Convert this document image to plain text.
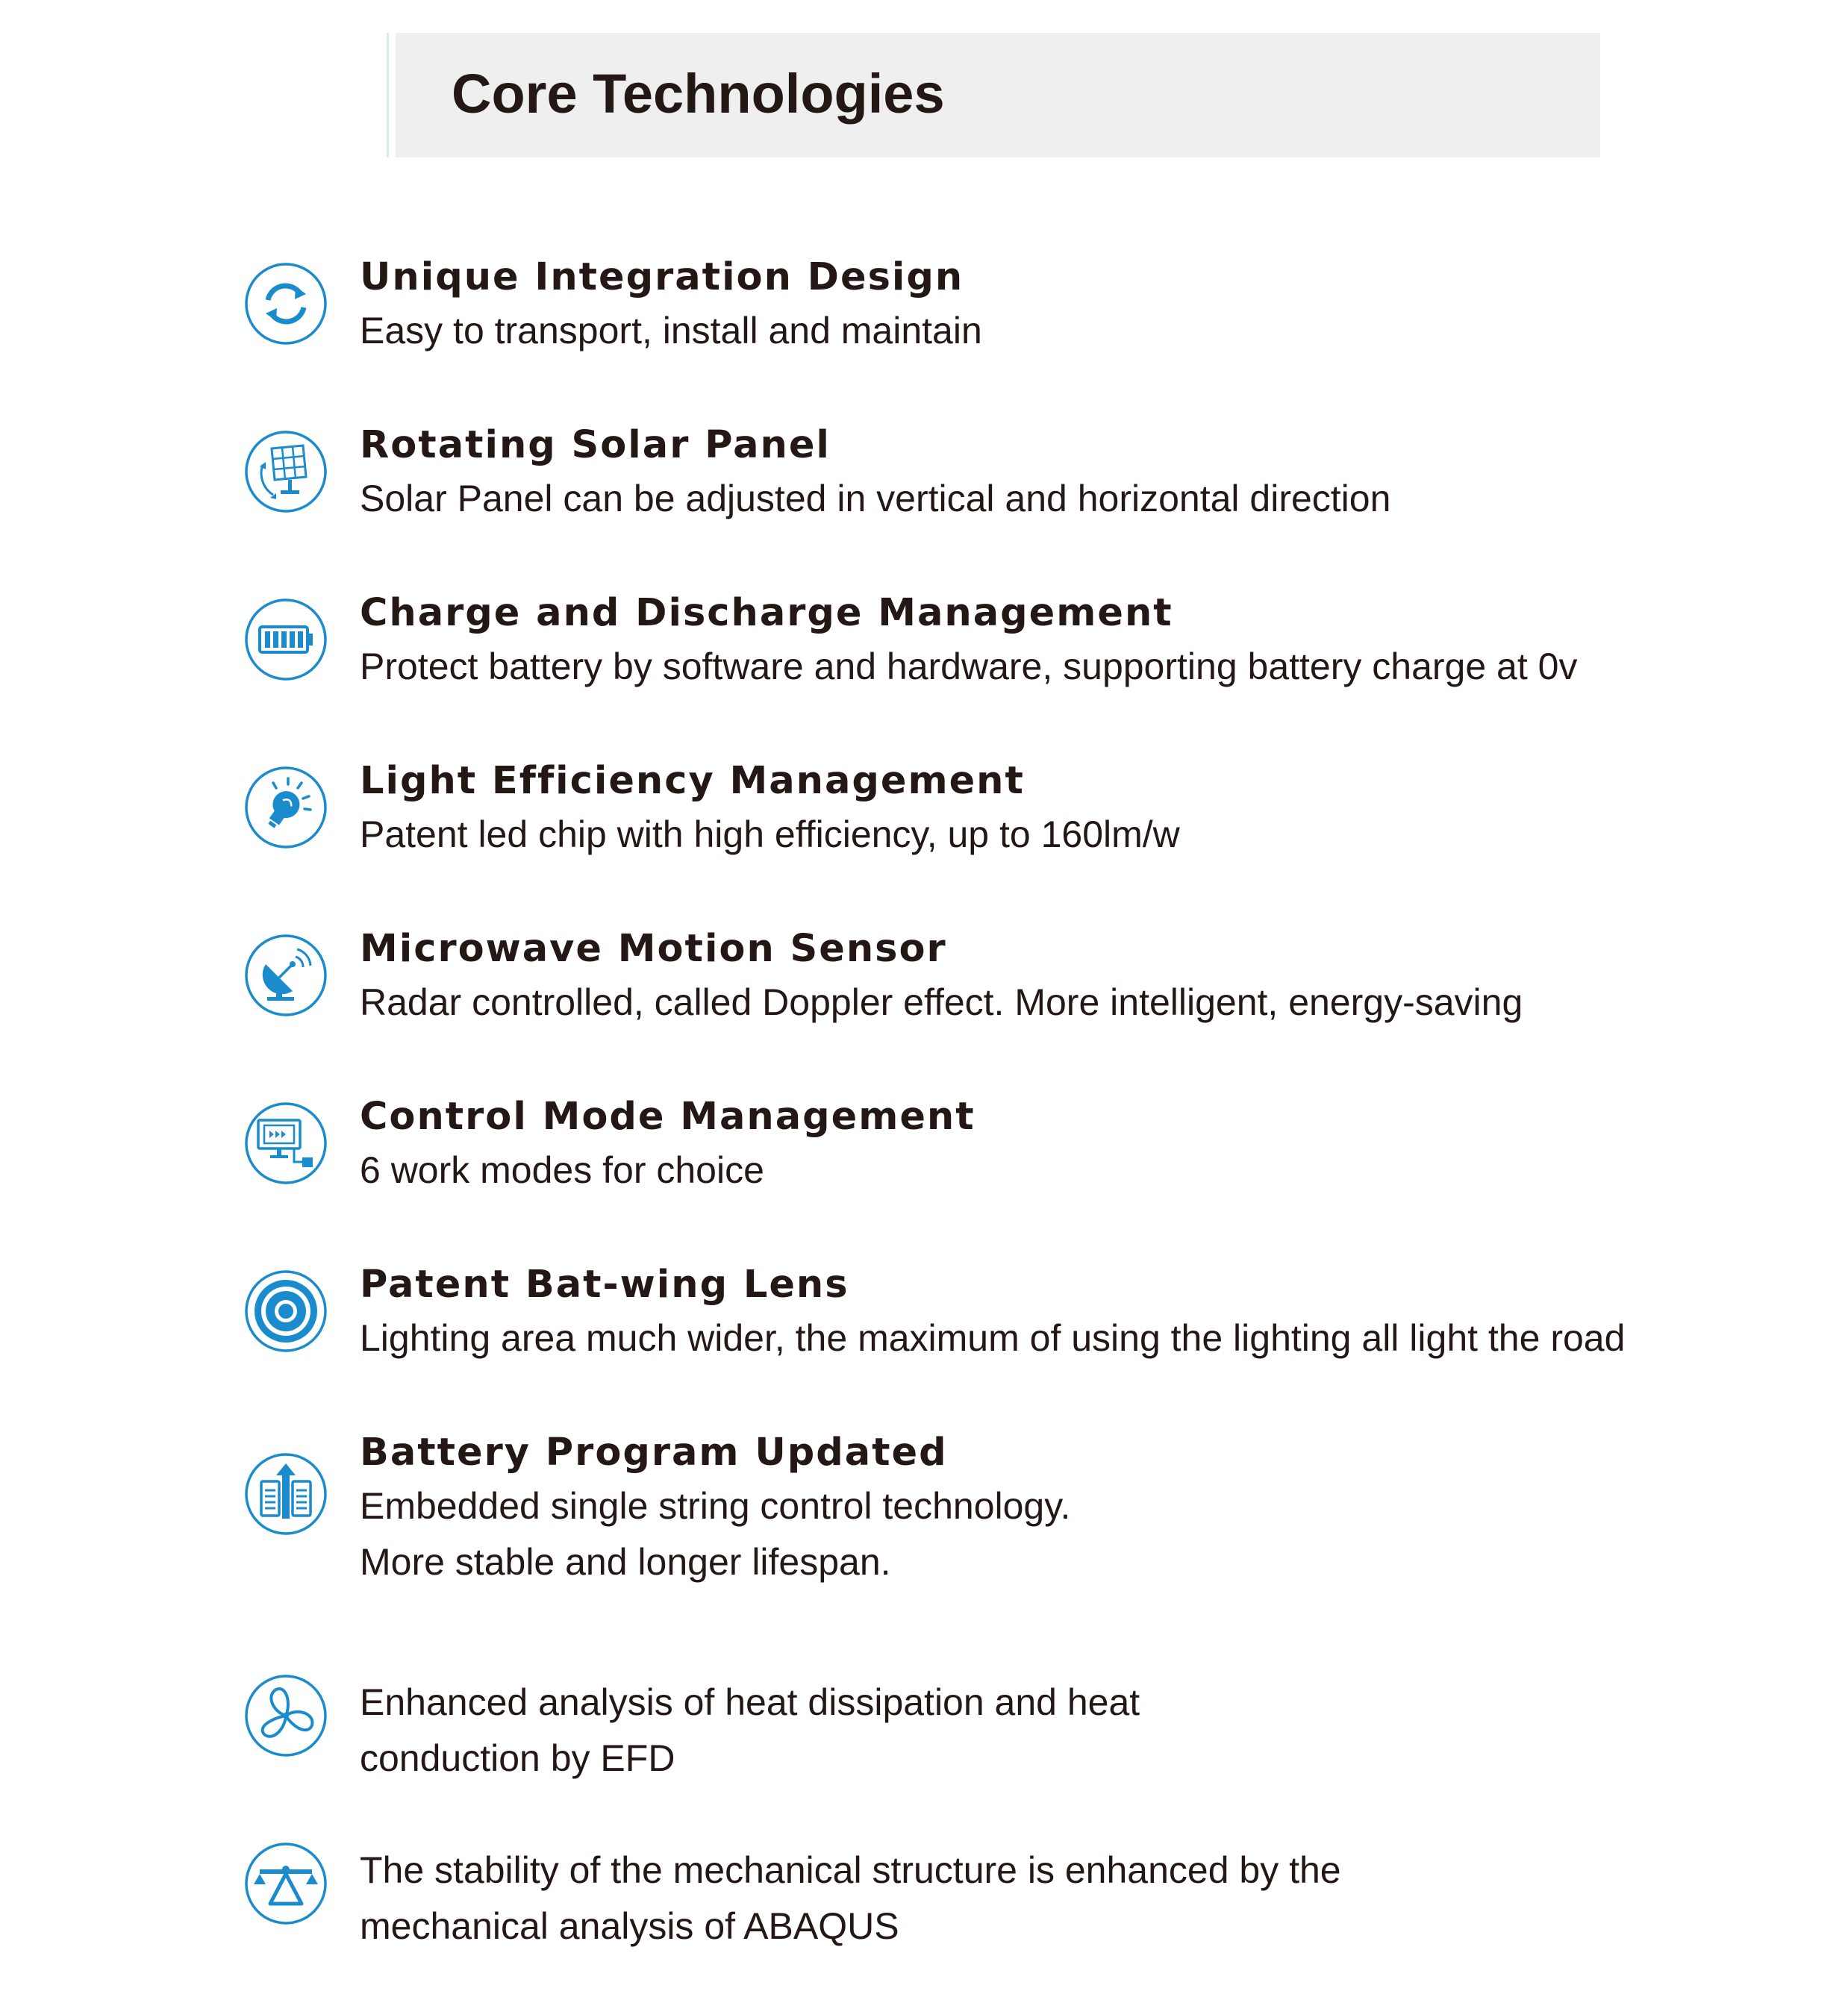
Core Technologies
Unique Integration Design
Easy to transport, install and maintain
Rotating Solar Panel
Solar Panel can be adjusted in vertical and horizontal direction
Charge and Discharge Management
Protect battery by software and hardware, supporting battery charge at 0v
Light Efficiency Management
Patent led chip with high efficiency, up to 160lm/w
Microwave Motion Sensor
Radar controlled, called Doppler effect. More intelligent, energy-saving
Control Mode Management
6 work modes for choice
Patent Bat-wing Lens
Lighting area much wider, the maximum of using the lighting all light the road
Battery Program Updated
Embedded single string control technology.
More stable and longer lifespan.
Enhanced analysis of heat dissipation and heat
conduction by EFD
The stability of the mechanical structure is enhanced by the
mechanical analysis of ABAQUS
